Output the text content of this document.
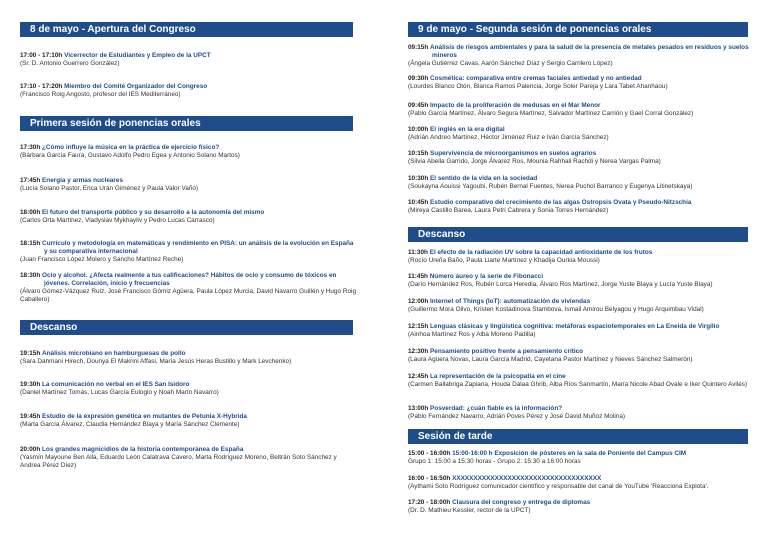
8 de mayo - Apertura del Congreso
17:00 - 17:10h Vicerrector de Estudiantes y Empleo de la UPCT
(Sr. D. Antonio Guerrero González)
17:10 - 17:20h Miembro del Comité Organizador del Congreso
(Francisco Roig Angosto, profesor del IES Mediterráneo)
Primera sesión de ponencias orales
17:30h ¿Cómo influye la música en la práctica de ejercicio físico?
(Bárbara García Faura, Gustavo Adolfo Pedro Egea y Antonio Solano Martos)
17:45h Energía y armas nucleares
(Lucía Solano Pastor, Erica Urán Giménez y Paula Valor Vañó)
18:00h El futuro del transporte público y su desarrollo a la autonomía del mismo
(Carlos Orta Martínez, Vladyslav Mykhayliv y Pedro Lucas Carrasco)
18:15h Currículo y metodología en matemáticas y rendimiento en PISA: un análisis de la evolución en España y su comparativa internacional
(Juan Francisco López Molero y Sancho Martínez Reche)
18:30h Ocio y alcohol. ¿Afecta realmente a tus calificaciones? Hábitos de ocio y consumo de tóxicos en jóvenes. Correlación, inicio y frecuencias
(Álvaro Gómez-Vázquez Ruiz, José Francisco Gómiz Agüera, Paula López Murcia, David Navarro Guillén y Hugo Roig Caballero)
Descanso
19:15h Análisis microbiano en hamburguesas de pollo
(Sara Dahmani Hirech, Dounya El Makrini Affasi, María Jesús Heras Bustillo y Mark Levchenko)
19:30h La comunicación no verbal en el IES San Isidoro
(Daniel Martínez Tomás, Lucas García Eulogio y Noah Marín Navarro)
19:45h Estudio de la expresión genética en mutantes de Petunia X-Hybrida
(Marta García Álvarez, Claudia Hernández Blaya y María Sánchez Clemente)
20:00h Los grandes magnicidios de la historia contemporánea de España
(Yasmín Mayoune Ben Alla, Eduardo León Calatrava Cavero, Marta Rodríguez Moreno, Beltrán Soto Sánchez y Andrea Pérez Díez)
9 de mayo - Segunda sesión de ponencias orales
09:15h Análisis de riesgos ambientales y para la salud de la presencia de metales pesados en residuos y suelos mineros
(Ángela Gutiérrez Cavas, Aarón Sánchez Díaz y Sergio Carrilero López)
09:30h Cosmética: comparativa entre cremas faciales antiedad y no antiedad
(Lourdes Blanco Otón, Blanca Ramos Palencia, Jorge Soler Pareja y Lara Tabet Ahanhaou)
09:45h Impacto de la proliferación de medusas en el Mar Menor
(Pablo García Martínez, Álvaro Segura Martínez, Salvador Martínez Carrión y Gael Corral González)
10:00h El inglés en la era digital
(Adrián Andreo Martínez, Héctor Jiménez Ruiz e Iván García Sánchez)
10:15h Supervivencia de microorganismos en suelos agrarios
(Silvia Abella Garrido, Jorge Álvarez Ros, Mounia Rahhali Rachdi y Nerea Vargas Palma)
10:30h El sentido de la vida en la sociedad
(Soukayna Aouissi Yagoubi, Rubén Bernal Fuentes, Nerea Puchol Barranco y Eugenya Litinetskaya)
10:45h Estudio comparativo del crecimiento de las algas Ostropsis Ovata y Pseudo-Nitzschia
(Mireya Castillo Barea, Laura Petri Cabrera y Sonia Torres Hernández)
Descanso
11:30h El efecto de la radiación UV sobre la capacidad antioxidante de los frutos
(Rocío Ureña Baño, Paula Liarte Martínez y Khadija Ourkia Moussi)
11:45h Número áureo y la serie de Fibonacci
(Darío Hernández Ros, Rubén Lorca Heredia, Álvaro Ros Martínez, Jorge Yuste Blaya y Lucía Yuste Blaya)
12:00h Internet of Things (IoT): automatización de viviendas
(Guillermo Mora Olivo, Kristen Kostadinova Stambova, Ismail Amirou Belyagou y Hugo Arquimbau Vidal)
12:15h Lenguas clásicas y lingüística cognitiva: metáforas espaciotemporales en La Eneida de Virgilio
(Ainhoa Martínez Ros y Alba Moreno Padilla)
12:30h Pensamiento positivo frente a pensamiento crítico
(Laura Agüera Novas, Laura García Madrid, Cayetana Pastor Martínez y Nieves Sánchez Salmerón)
12:45h La representación de la psicopatía en el cine
(Carmen Ballabriga Zapiana, Houda Dalaa Ghrib, Alba Ríos Sanmartín, María Nicole Abad Ovale e Iker Quintero Avilés)
13:00h Posverdad: ¿cuán fiable es la información?
(Pablo Fernández Navarro, Adrián Poves Pérez y José David Muñoz Molina)
Sesión de tarde
15:00 - 16:00h 15:00-16:00 h Exposición de pósteres en la sala de Poniente del Campus CIM
Grupo 1: 15:00 a 15:30 horas - Grupo 2: 15:30 a 16:00 horas
16:00 - 16:50h XXXXXXXXXXXXXXXXXXXXXXXXXXXXXXXXXXX
(Aythami Soto Rodríguez comunicador científico y responsable del canal de YouTube 'Reacciona Explota'.
17:20 - 18:00h Clausura del congreso y entrega de diplomas
(Dr. D. Mathieu Kessler, rector de la UPCT)
